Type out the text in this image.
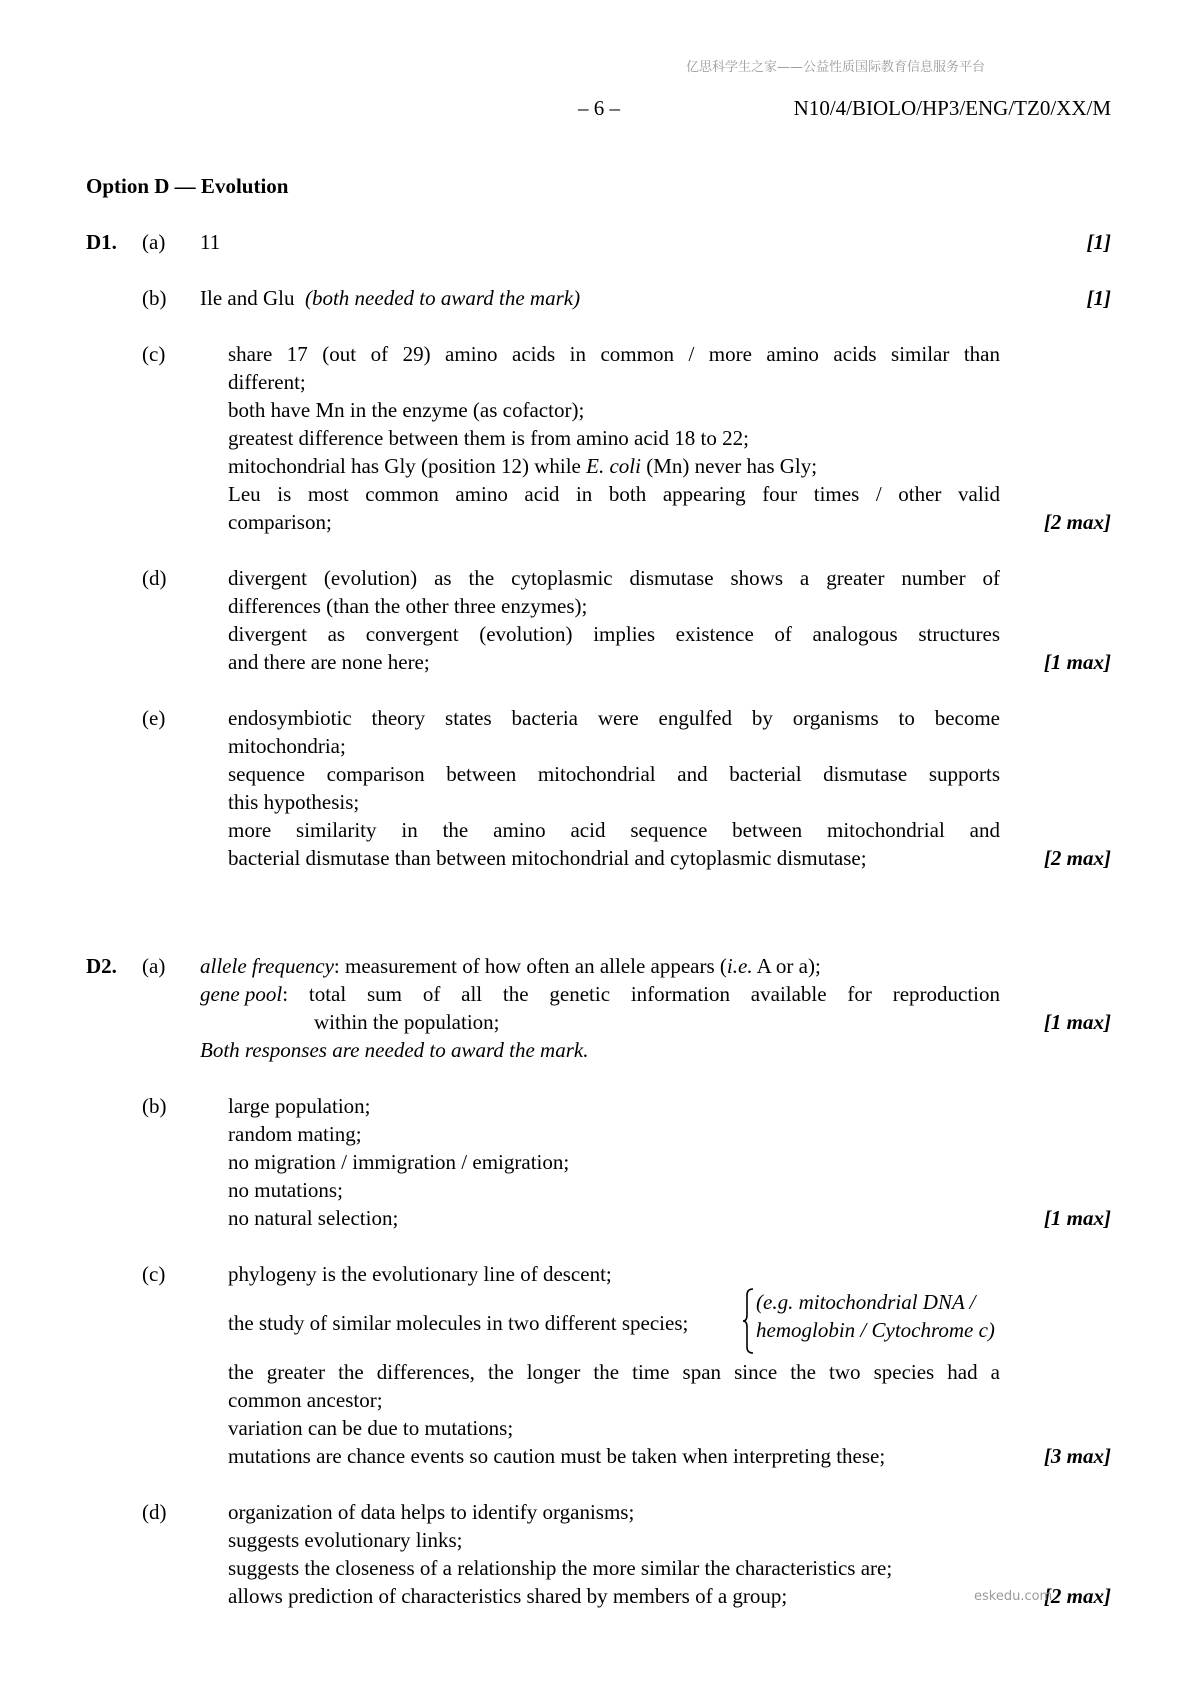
亿思科学生之家——公益性质国际教育信息服务平台
– 6 –	N10/4/BIOLO/HP3/ENG/TZ0/XX/M
Option D — Evolution
D1. (a) 11	[1]
(b) Ile and Glu (both needed to award the mark)	[1]
(c)	share 17 (out of 29) amino acids in common / more amino acids similar than
different;
both have Mn in the enzyme (as cofactor);
greatest difference between them is from amino acid 18 to 22;
mitochondrial has Gly (position 12) while E. coli (Mn) never has Gly;
Leu is most common amino acid in both appearing four times / other valid
comparison;	[2 max]
(d)	divergent (evolution) as the cytoplasmic dismutase shows a greater number of
differences (than the other three enzymes);
divergent as convergent (evolution) implies existence of analogous structures
and there are none here;	[1 max]
(e)	endosymbiotic theory states bacteria were engulfed by organisms to become
mitochondria;
sequence comparison between mitochondrial and bacterial dismutase supports
this hypothesis;
more similarity in the amino acid sequence between mitochondrial and
bacterial dismutase than between mitochondrial and cytoplasmic dismutase;	[2 max]
D2. (a) allele frequency: measurement of how often an allele appears (i.e. A or a);
gene pool : total sum of all the genetic information available for reproduction
within the population;	[1 max]
Both responses are needed to award the mark.
(b)	large population;
random mating;
no migration / immigration / emigration;
no mutations;
no natural selection;	[1 max]
(c)	phylogeny is the evolutionary line of descent;
the study of similar molecules in two different species;
(e.g. mitochondrial DNA /
hemoglobin / Cytochrome c)
the greater the differences, the longer the time span since the two species had a
common ancestor;
variation can be due to mutations;
mutations are chance events so caution must be taken when interpreting these;	[3 max]
(d)	organization of data helps to identify organisms;
suggests evolutionary links;
suggests the closeness of a relationship the more similar the characteristics are;
allows prediction of characteristics shared by members of a group;	[2 max]
eskedu.com
